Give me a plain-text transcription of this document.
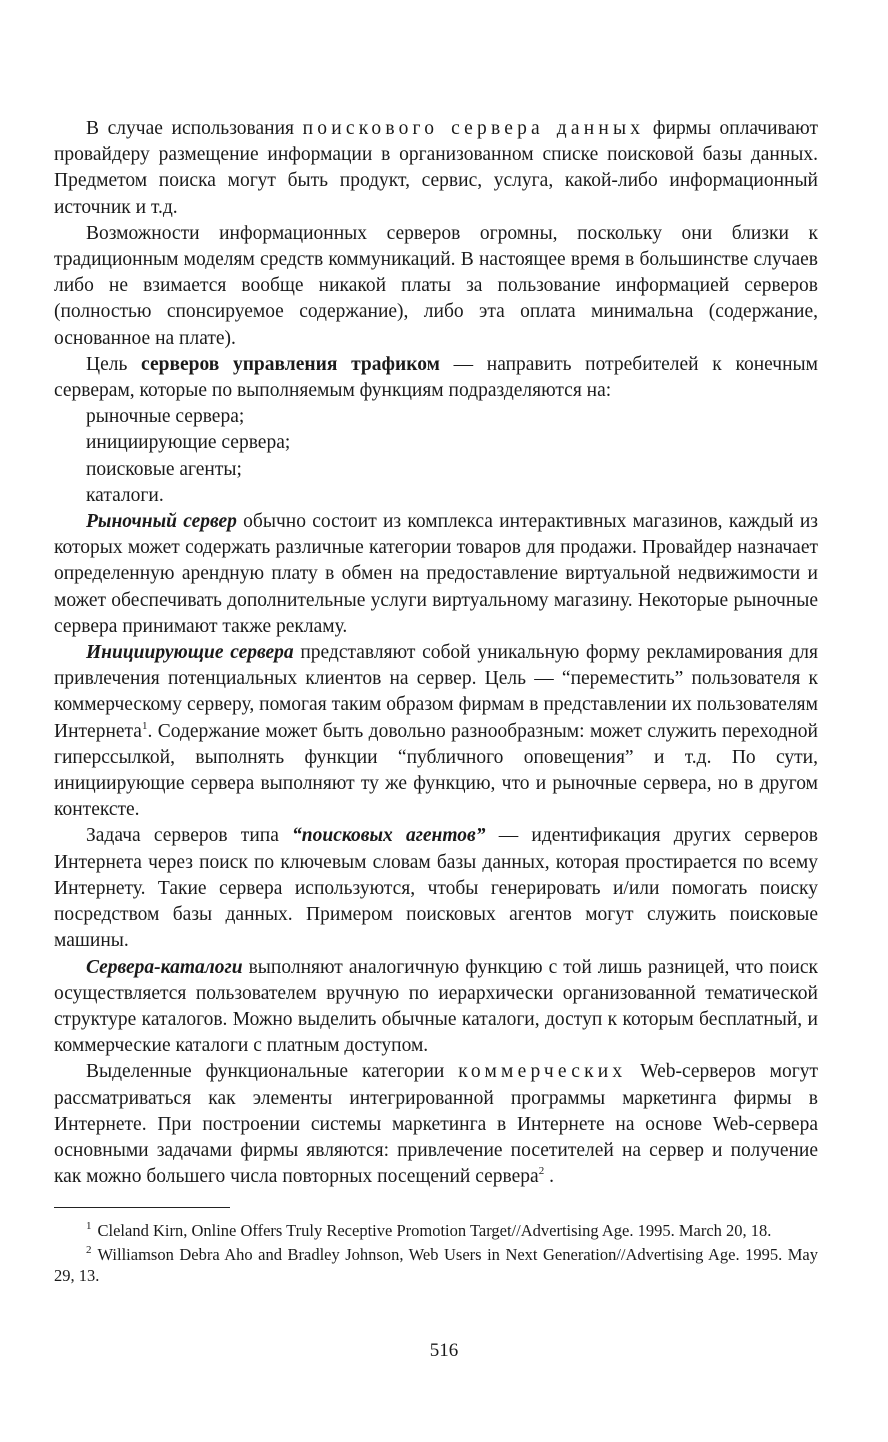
В случае использования поискового сервера данных фирмы оплачивают провайдеру размещение информации в организованном списке поисковой базы данных. Предметом поиска могут быть продукт, сервис, услуга, какой-либо информационный источник и т.д.

Возможности информационных серверов огромны, поскольку они близки к традиционным моделям средств коммуникаций. В настоящее время в большинстве случаев либо не взимается вообще никакой платы за пользование информацией серверов (полностью спонсируемое содержание), либо эта оплата минимальна (содержание, основанное на плате).

Цель серверов управления трафиком — направить потребителей к конечным серверам, которые по выполняемым функциям подразделяются на:

рыночные сервера;

инициирующие сервера;

поисковые агенты;

каталоги.

Рыночный сервер обычно состоит из комплекса интерактивных магазинов, каждый из которых может содержать различные категории товаров для продажи. Провайдер назначает определенную арендную плату в обмен на предоставление виртуальной недвижимости и может обеспечивать дополнительные услуги виртуальному магазину. Некоторые рыночные сервера принимают также рекламу.

Инициирующие сервера представляют собой уникальную форму рекламирования для привлечения потенциальных клиентов на сервер. Цель — “переместить” пользователя к коммерческому серверу, помогая таким образом фирмам в представлении их пользователям Интернета$^1$. Содержание может быть довольно разнообразным: может служить переходной гиперссылкой, выполнять функции “публичного оповещения” и т.д. По сути, инициирующие сервера выполняют ту же функцию, что и рыночные сервера, но в другом контексте.

Задача серверов типа “поисковых агентов” — идентификация других серверов Интернета через поиск по ключевым словам базы данных, которая простирается по всему Интернету. Такие сервера используются, чтобы генерировать и/или помогать поиску посредством базы данных. Примером поисковых агентов могут служить поисковые машины.

Сервера-каталоги выполняют аналогичную функцию с той лишь разницей, что поиск осуществляется пользователем вручную по иерархически организованной тематической структуре каталогов. Можно выделить обычные каталоги, доступ к которым бесплатный, и коммерческие каталоги с платным доступом.

Выделенные функциональные категории коммерческих Web-серверов могут рассматриваться как элементы интегрированной программы маркетинга фирмы в Интернете. При построении системы маркетинга в Интернете на основе Web-сервера основными задачами фирмы являются: привлечение посетителей на сервер и получение как можно большего числа повторных посещений сервера$^2$ .

$^1$ Cleland Kirn, Online Offers Truly Receptive Promotion Target//Advertising Age. 1995. March 20, 18.

$^2$ Williamson Debra Aho and Bradley Johnson, Web Users in Next Generation//Advertising Age. 1995. May 29, 13.

516
